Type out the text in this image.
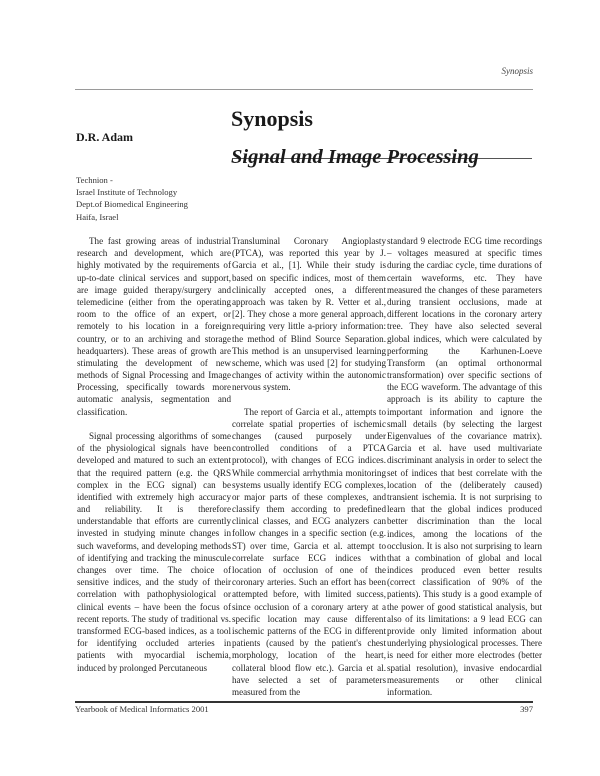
Synopsis
D.R. Adam
Technion -
Israel Institute of Technology
Dept.of Biomedical Engineering
Haifa, Israel
Synopsis
Signal and Image Processing

The fast growing areas of industrial research and development, which are highly motivated by the requirements of up-to-date clinical services and support, are image guided therapy/surgery and telemedicine (either from the operating room to the office of an expert, or remotely to his location in a foreign country, or to an archiving and storage headquarters). These areas of growth are stimulating the development of new methods of Signal Processing and Image Processing, specifically towards more automatic analysis, segmentation and classification.

Signal processing algorithms of some of the physiological signals have been developed and matured to such an extent that the required pattern (e.g. the QRS complex in the ECG signal) can be identified with extremely high accuracy and reliability. It is therefore understandable that efforts are currently invested in studying minute changes in such waveforms, and developing methods of identifying and tracking the minuscule changes over time. The choice of sensitive indices, and the study of their correlation with pathophysiological or clinical events – have been the focus of recent reports. The study of traditional vs. transformed ECG-based indices, as a tool for identifying occluded arteries in patients with myocardial ischemia, induced by prolonged Percutaneous

Transluminal Coronary Angioplasty (PTCA), was reported this year by J. Garcia et al., [1]. While their study is based on specific indices, most of them clinically accepted ones, a different approach was taken by R. Vetter et al., [2]. They chose a more general approach, requiring very little a-priory information: the method of Blind Source Separation. This method is an unsupervised learning scheme, which was used [2] for studying changes of activity within the autonomic nervous system.

The report of Garcia et al., attempts to correlate spatial properties of ischemic changes (caused purposely under controlled conditions of a PTCA protocol), with changes of ECG indices. While commercial arrhythmia monitoring systems usually identify ECG complexes, or major parts of these complexes, and classify them according to predefined clinical classes, and ECG analyzers can follow changes in a specific section (e.g. ST) over time, Garcia et al. attempt to correlate surface ECG indices with location of occlusion of one of the coronary arteries. Such an effort has been attempted before, with limited success, since occlusion of a coronary artery at a specific location may cause different ischemic patterns of the ECG in different patients (caused by the patient's chest morphology, location of the heart, collateral blood flow etc.). Garcia et al. have selected a set of parameters measured from the

standard 9 electrode ECG time recordings – voltages measured at specific times during the cardiac cycle, time durations of certain waveforms, etc. They have measured the changes of these parameters during transient occlusions, made at different locations in the coronary artery tree. They have also selected several global indices, which were calculated by performing the Karhunen-Loeve Transform (an optimal orthonormal transformation) over specific sections of the ECG waveform. The advantage of this approach is its ability to capture the important information and ignore the small details (by selecting the largest Eigenvalues of the covariance matrix). Garcia et al. have used multivariate discriminant analysis in order to select the set of indices that best correlate with the location of the (deliberately caused) transient ischemia. It is not surprising to learn that the global indices produced better discrimination than the local indices, among the locations of the occlusion. It is also not surprising to learn that a combination of global and local indices produced even better results (correct classification of 90% of the patients). This study is a good example of the power of good statistical analysis, but also of its limitations: a 9 lead ECG can provide only limited information about underlying physiological processes. There is need for either more electrodes (better spatial resolution), invasive endocardial measurements or other clinical information.

Yearbook of Medical Informatics 2001	397
